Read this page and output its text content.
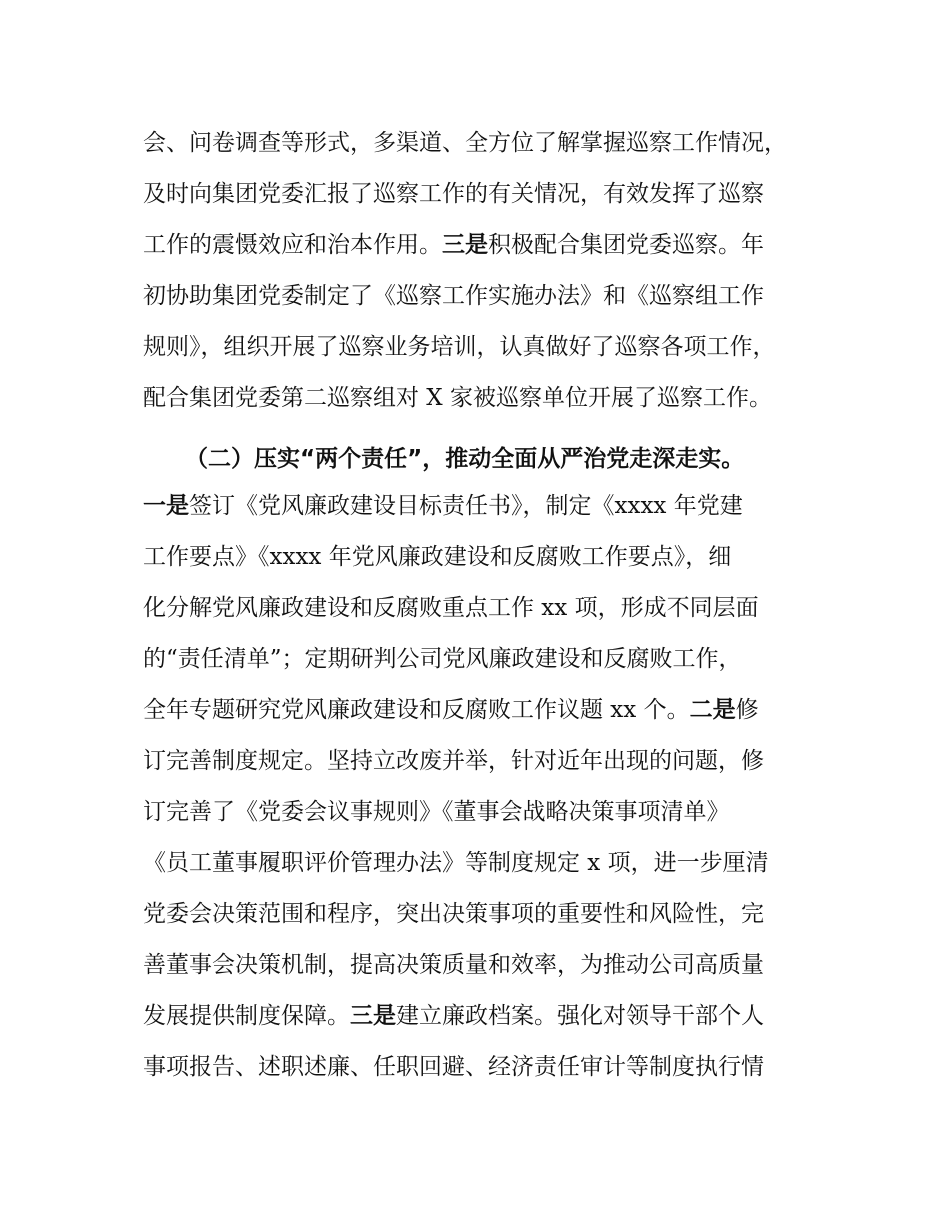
会、问卷调查等形式，多渠道、全方位了解掌握巡察工作情况，
及时向集团党委汇报了巡察工作的有关情况，有效发挥了巡察
工作的震慑效应和治本作用。三是积极配合集团党委巡察。年
初协助集团党委制定了《巡察工作实施办法》和《巡察组工作
规则》，组织开展了巡察业务培训，认真做好了巡察各项工作，
配合集团党委第二巡察组对 X 家被巡察单位开展了巡察工作。
（二）压实“两个责任”，推动全面从严治党走深走实。
一是签订《党风廉政建设目标责任书》，制定《xxxx 年党建
工作要点》《xxxx 年党风廉政建设和反腐败工作要点》，细
化分解党风廉政建设和反腐败重点工作 xx 项，形成不同层面
的“责任清单”；定期研判公司党风廉政建设和反腐败工作，
全年专题研究党风廉政建设和反腐败工作议题 xx 个。二是修
订完善制度规定。坚持立改废并举，针对近年出现的问题，修
订完善了《党委会议事规则》《董事会战略决策事项清单》
《员工董事履职评价管理办法》等制度规定 x 项，进一步厘清
党委会决策范围和程序，突出决策事项的重要性和风险性，完
善董事会决策机制，提高决策质量和效率，为推动公司高质量
发展提供制度保障。三是建立廉政档案。强化对领导干部个人
事项报告、述职述廉、任职回避、经济责任审计等制度执行情
